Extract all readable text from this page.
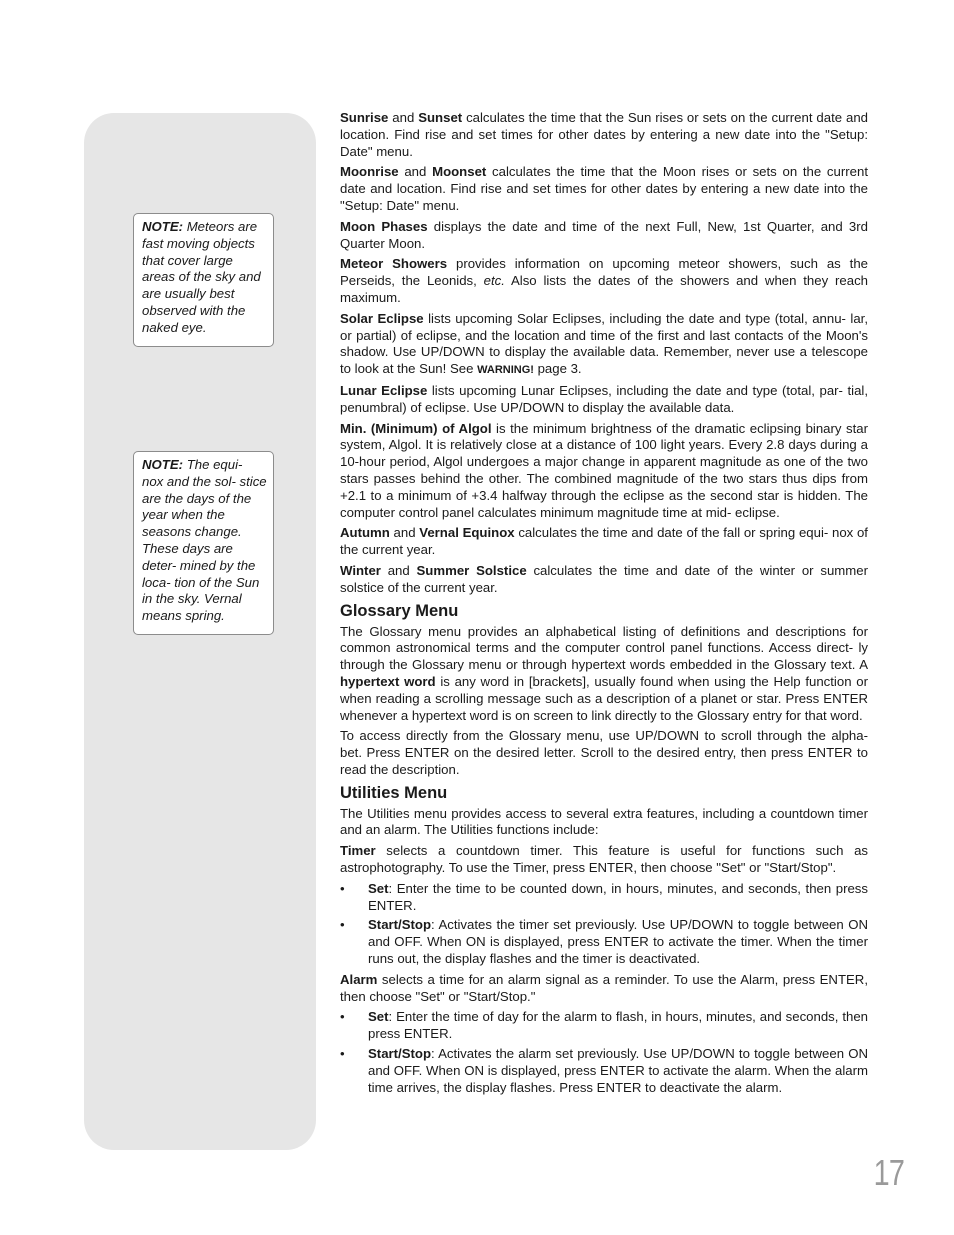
NOTE: Meteors are fast moving objects that cover large areas of the sky and are usually best observed with the naked eye.
NOTE: The equi- nox and the sol- stice are the days of the year when the seasons change. These days are deter- mined by the loca- tion of the Sun in the sky. Vernal means spring.

Sunrise and Sunset calculates the time that the Sun rises or sets on the current date and location. Find rise and set times for other dates by entering a new date into the "Setup: Date" menu.

Moonrise and Moonset calculates the time that the Moon rises or sets on the current date and location. Find rise and set times for other dates by entering a new date into the "Setup: Date" menu.

Moon Phases displays the date and time of the next Full, New, 1st Quarter, and 3rd Quarter Moon.

Meteor Showers provides information on upcoming meteor showers, such as the Perseids, the Leonids, etc. Also lists the dates of the showers and when they reach maximum.

Solar Eclipse lists upcoming Solar Eclipses, including the date and type (total, annu- lar, or partial) of eclipse, and the location and time of the first and last contacts of the Moon's shadow. Use UP/DOWN to display the available data. Remember, never use a telescope to look at the Sun! See WARNING! page 3.

Lunar Eclipse lists upcoming Lunar Eclipses, including the date and type (total, par- tial, penumbral) of eclipse. Use UP/DOWN to display the available data.

Min. (Minimum) of Algol is the minimum brightness of the dramatic eclipsing binary star system, Algol. It is relatively close at a distance of 100 light years. Every 2.8 days during a 10-hour period, Algol undergoes a major change in apparent magnitude as one of the two stars passes behind the other. The combined magnitude of the two stars thus dips from +2.1 to a minimum of +3.4 halfway through the eclipse as the second star is hidden. The computer control panel calculates minimum magnitude time at mid- eclipse.

Autumn and Vernal Equinox calculates the time and date of the fall or spring equi- nox of the current year.

Winter and Summer Solstice calculates the time and date of the winter or summer solstice of the current year.

Glossary Menu

The Glossary menu provides an alphabetical listing of definitions and descriptions for common astronomical terms and the computer control panel functions. Access direct- ly through the Glossary menu or through hypertext words embedded in the Glossary text. A hypertext word is any word in [brackets], usually found when using the Help function or when reading a scrolling message such as a description of a planet or star. Press ENTER whenever a hypertext word is on screen to link directly to the Glossary entry for that word.

To access directly from the Glossary menu, use UP/DOWN to scroll through the alpha- bet. Press ENTER on the desired letter. Scroll to the desired entry, then press ENTER to read the description.

Utilities Menu

The Utilities menu provides access to several extra features, including a countdown timer and an alarm. The Utilities functions include:

Timer selects a countdown timer. This feature is useful for functions such as astrophotography. To use the Timer, press ENTER, then choose "Set" or "Start/Stop".

• Set: Enter the time to be counted down, in hours, minutes, and seconds, then press ENTER.
• Start/Stop: Activates the timer set previously. Use UP/DOWN to toggle between ON and OFF. When ON is displayed, press ENTER to activate the timer. When the timer runs out, the display flashes and the timer is deactivated.

Alarm selects a time for an alarm signal as a reminder. To use the Alarm, press ENTER, then choose "Set" or "Start/Stop."

• Set: Enter the time of day for the alarm to flash, in hours, minutes, and seconds, then press ENTER.
• Start/Stop: Activates the alarm set previously. Use UP/DOWN to toggle between ON and OFF. When ON is displayed, press ENTER to activate the alarm. When the alarm time arrives, the display flashes. Press ENTER to deactivate the alarm.
17
